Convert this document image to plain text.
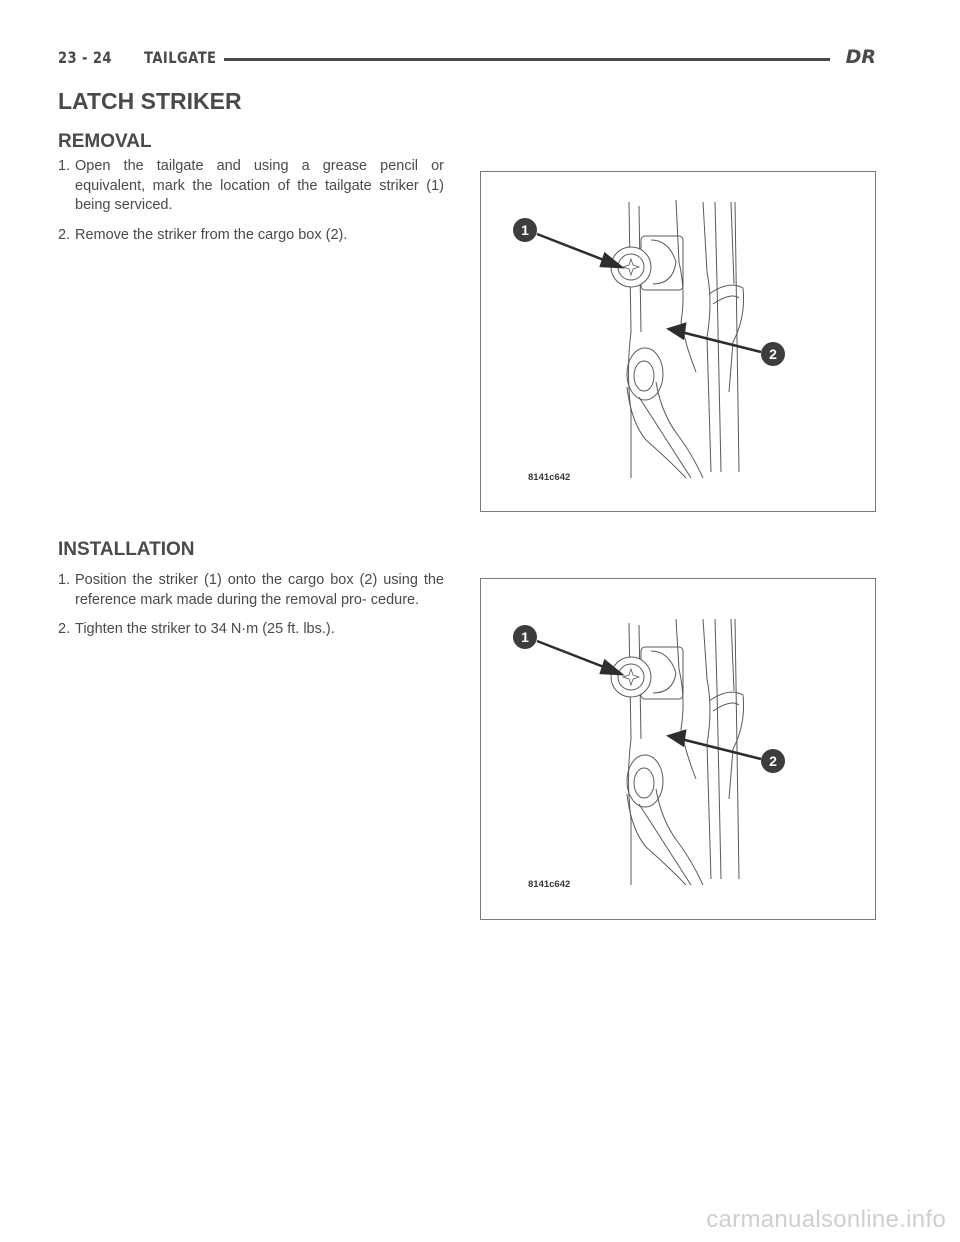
23 - 24 TAILGATE	DR
LATCH STRIKER
REMOVAL
1. Open the tailgate and using a grease pencil or equivalent, mark the location of the tailgate striker (1) being serviced.
2. Remove the striker from the cargo box (2).	1
2
8141c642
INSTALLATION
1. Position the striker (1) onto the cargo box (2) using the reference mark made during the removal pro- cedure.
2. Tighten the striker to 34 N·m (25 ft. lbs.).	1
2
8141c642
carmanualsonline.info
